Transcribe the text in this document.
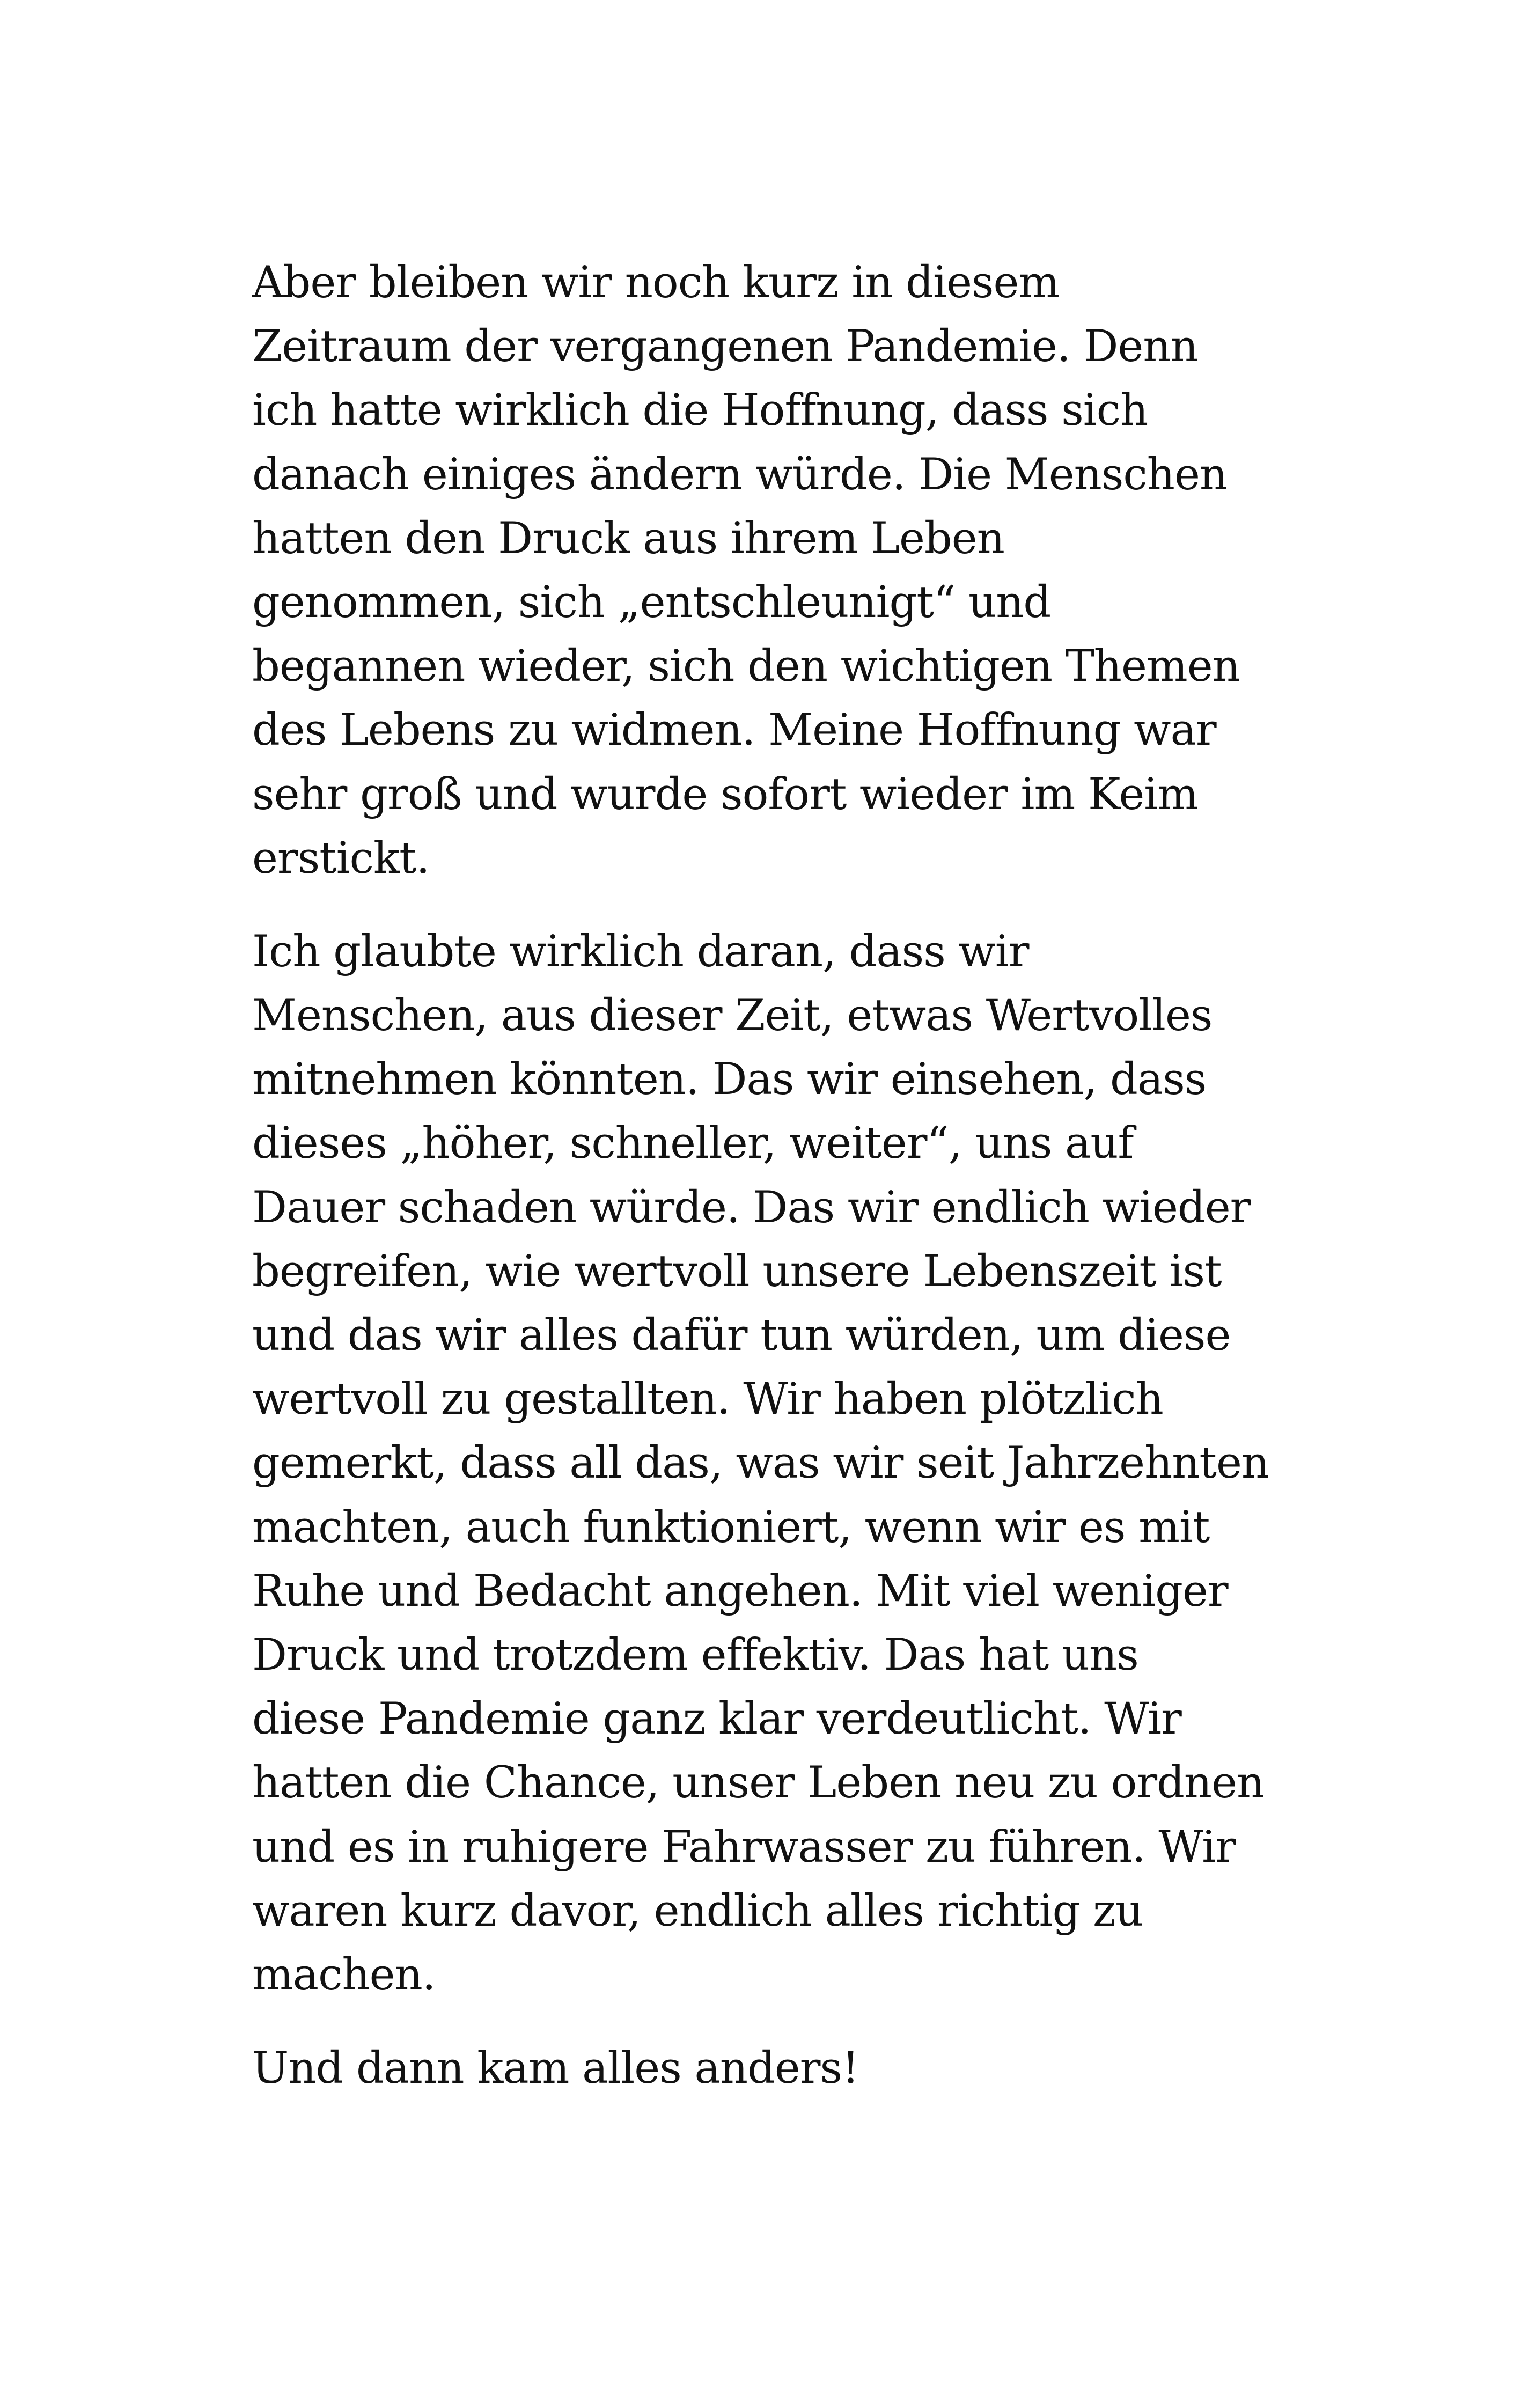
Aber bleiben wir noch kurz in diesem
Zeitraum der vergangenen Pandemie. Denn
ich hatte wirklich die Hoffnung, dass sich
danach einiges ändern würde. Die Menschen
hatten den Druck aus ihrem Leben
genommen, sich „entschleunigt“ und
begannen wieder, sich den wichtigen Themen
des Lebens zu widmen. Meine Hoffnung war
sehr groß und wurde sofort wieder im Keim
erstickt.
Ich glaubte wirklich daran, dass wir
Menschen, aus dieser Zeit, etwas Wertvolles
mitnehmen könnten. Das wir einsehen, dass
dieses „höher, schneller, weiter“, uns auf
Dauer schaden würde. Das wir endlich wieder
begreifen, wie wertvoll unsere Lebenszeit ist
und das wir alles dafür tun würden, um diese
wertvoll zu gestallten. Wir haben plötzlich
gemerkt, dass all das, was wir seit Jahrzehnten
machten, auch funktioniert, wenn wir es mit
Ruhe und Bedacht angehen. Mit viel weniger
Druck und trotzdem effektiv. Das hat uns
diese Pandemie ganz klar verdeutlicht. Wir
hatten die Chance, unser Leben neu zu ordnen
und es in ruhigere Fahrwasser zu führen. Wir
waren kurz davor, endlich alles richtig zu
machen.
Und dann kam alles anders!
